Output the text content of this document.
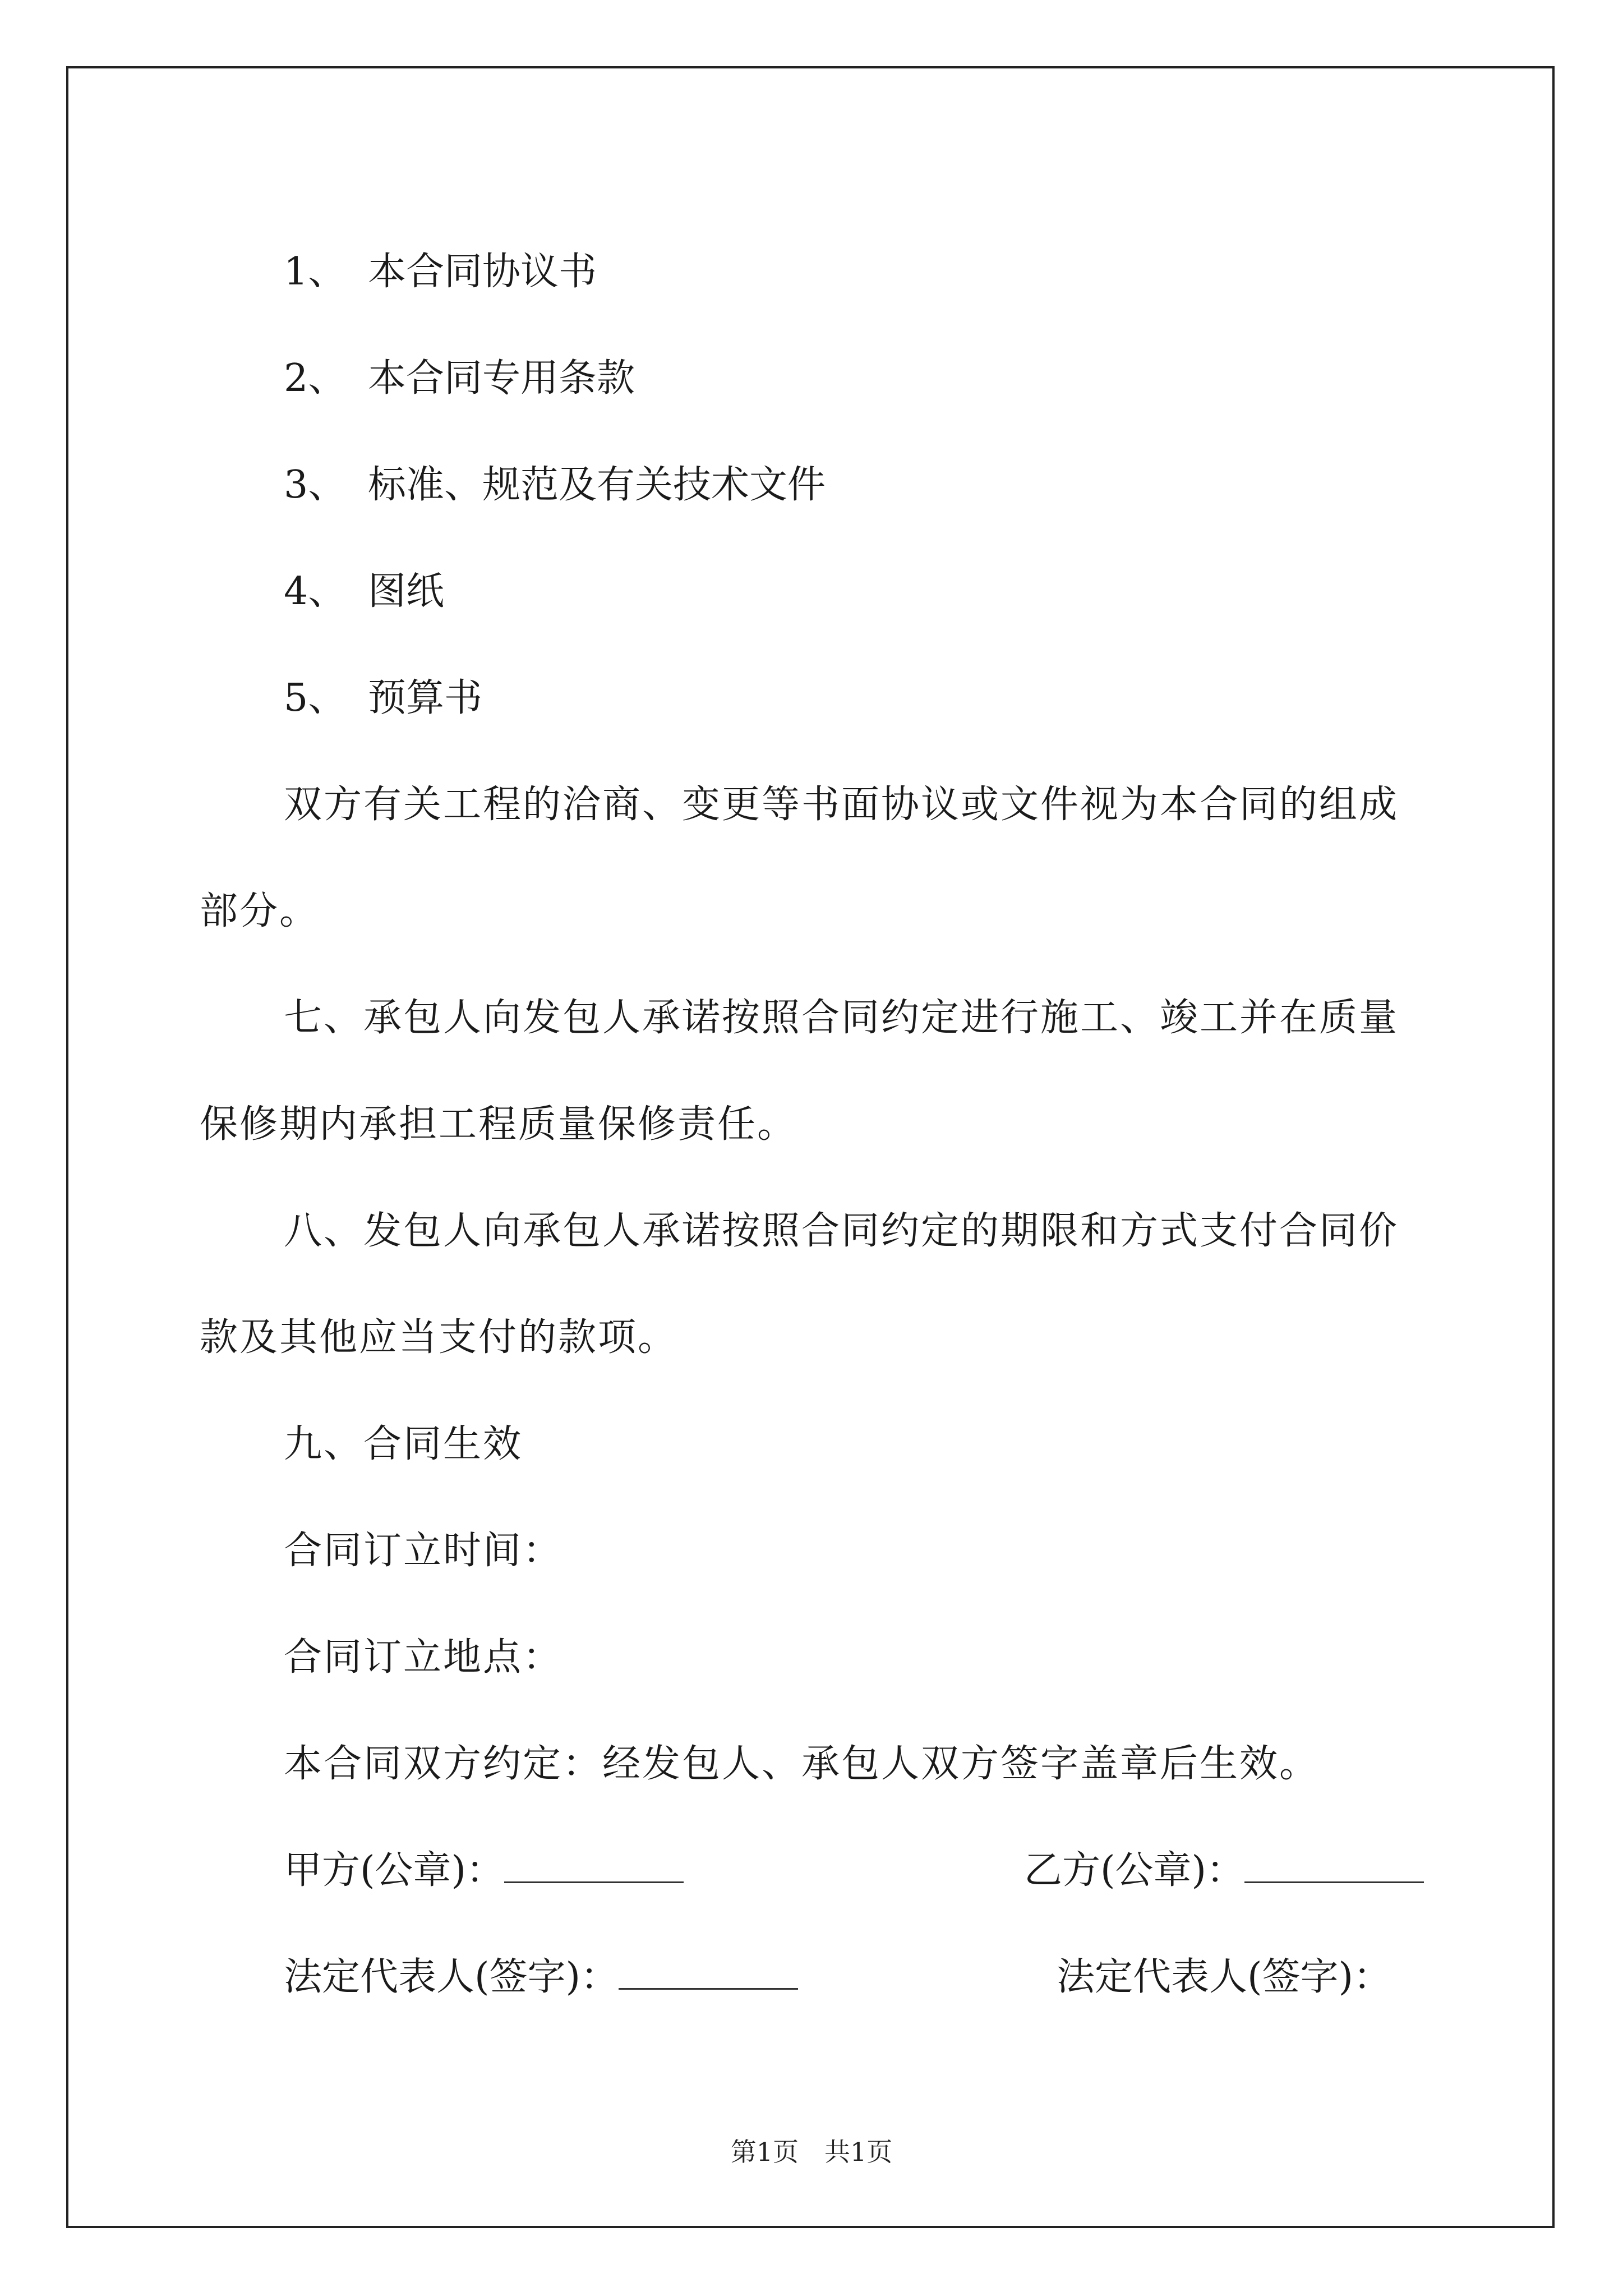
1、 本合同协议书
2、 本合同专用条款
3、 标准、规范及有关技术文件
4、 图纸
5、 预算书
双方有关工程的洽商、变更等书面协议或文件视为本合同的组成部分。
七、承包人向发包人承诺按照合同约定进行施工、竣工并在质量保修期内承担工程质量保修责任。
八、发包人向承包人承诺按照合同约定的期限和方式支付合同价款及其他应当支付的款项。
九、合同生效
合同订立时间：
合同订立地点：
本合同双方约定：经发包人、承包人双方签字盖章后生效。
甲方(公章)：	乙方(公章)：
法定代表人(签字)：	法定代表人(签字)：
第1页　共1页
